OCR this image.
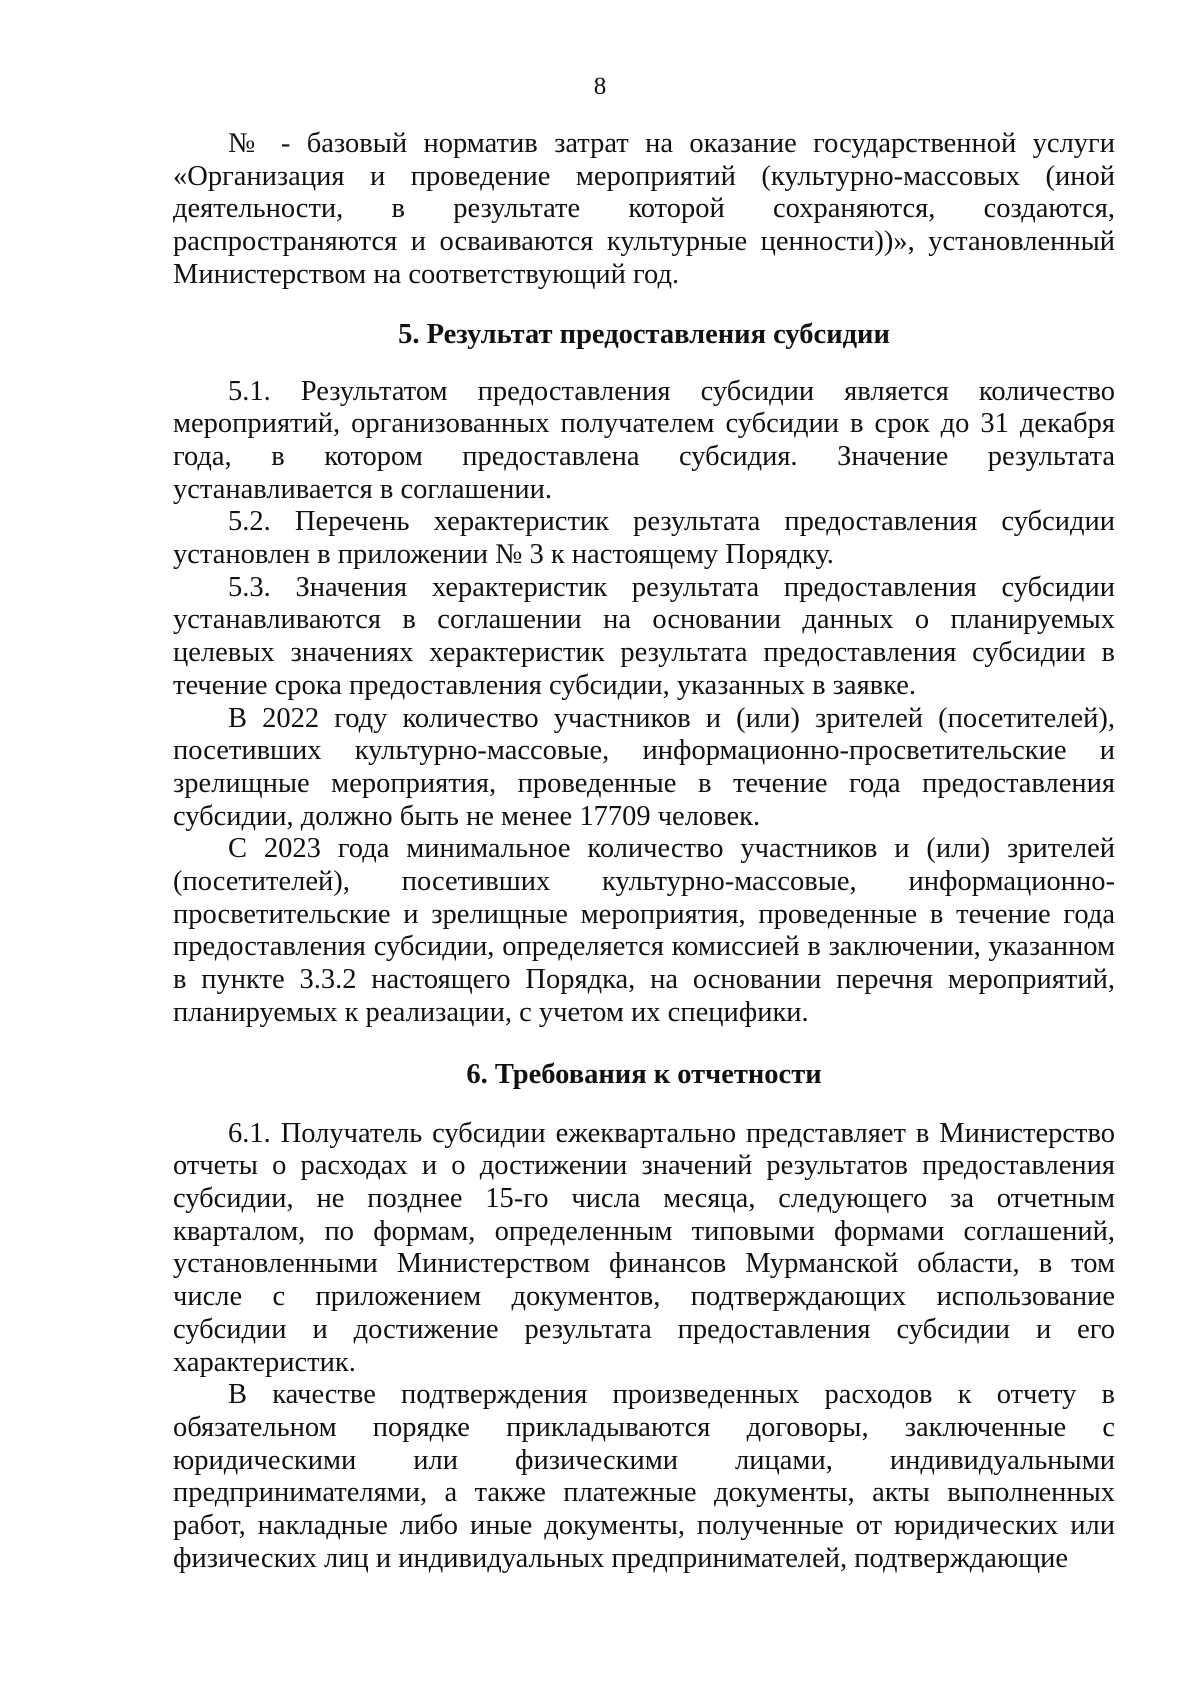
8

№ - базовый норматив затрат на оказание государственной услуги «Организация и проведение мероприятий (культурно-массовых (иной деятельности, в результате которой сохраняются, создаются, распространяются и осваиваются культурные ценности))», установленный Министерством на соответствующий год.

5. Результат предоставления субсидии

5.1. Результатом предоставления субсидии является количество мероприятий, организованных получателем субсидии в срок до 31 декабря года, в котором предоставлена субсидия. Значение результата устанавливается в соглашении.

5.2. Перечень херактеристик результата предоставления субсидии установлен в приложении № 3 к настоящему Порядку.

5.3. Значения херактеристик результата предоставления субсидии устанавливаются в соглашении на основании данных о планируемых целевых значениях херактеристик результата предоставления субсидии в течение срока предоставления субсидии, указанных в заявке.

В 2022 году количество участников и (или) зрителей (посетителей), посетивших культурно-массовые, информационно-просветительские и зрелищные мероприятия, проведенные в течение года предоставления субсидии, должно быть не менее 17709 человек.

С 2023 года минимальное количество участников и (или) зрителей (посетителей), посетивших культурно-массовые, информационно-просветительские и зрелищные мероприятия, проведенные в течение года предоставления субсидии, определяется комиссией в заключении, указанном в пункте 3.3.2 настоящего Порядка, на основании перечня мероприятий, планируемых к реализации, с учетом их специфики.

6. Требования к отчетности

6.1. Получатель субсидии ежеквартально представляет в Министерство отчеты о расходах и о достижении значений результатов предоставления субсидии, не позднее 15-го числа месяца, следующего за отчетным кварталом, по формам, определенным типовыми формами соглашений, установленными Министерством финансов Мурманской области, в том числе с приложением документов, подтверждающих использование субсидии и достижение результата предоставления субсидии и его характеристик.

В качестве подтверждения произведенных расходов к отчету в обязательном порядке прикладываются договоры, заключенные с юридическими или физическими лицами, индивидуальными предпринимателями, а также платежные документы, акты выполненных работ, накладные либо иные документы, полученные от юридических или физических лиц и индивидуальных предпринимателей, подтверждающие
